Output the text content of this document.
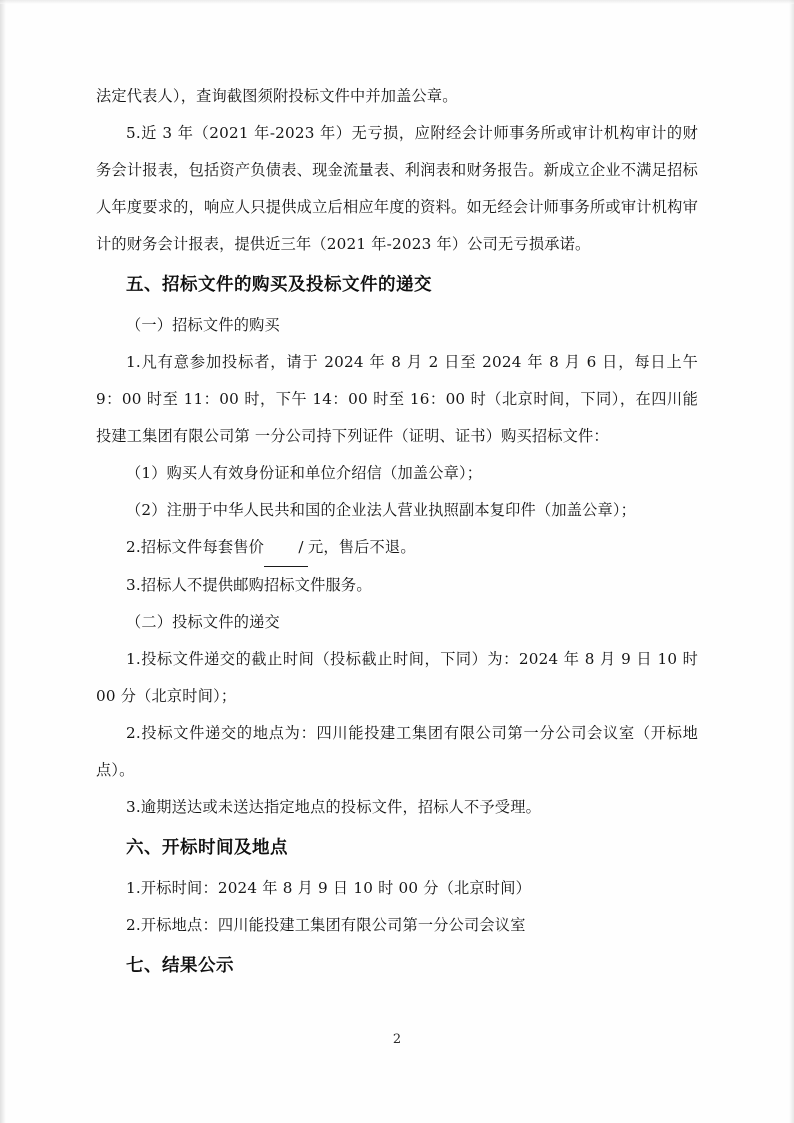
法定代表人），查询截图须附投标文件中并加盖公章。

5.近 3 年（2021 年-2023 年）无亏损，应附经会计师事务所或审计机构审计的财务会计报表，包括资产负债表、现金流量表、利润表和财务报告。新成立企业不满足招标人年度要求的，响应人只提供成立后相应年度的资料。如无经会计师事务所或审计机构审计的财务会计报表，提供近三年（2021 年-2023 年）公司无亏损承诺。

五、招标文件的购买及投标文件的递交

（一）招标文件的购买

1.凡有意参加投标者，请于 2024 年 8 月 2 日至 2024 年 8 月 6 日，每日上午 9：00 时至 11：00 时，下午 14：00 时至 16：00 时（北京时间，下同），在四川能投建工集团有限公司第 一分公司持下列证件（证明、证书）购买招标文件：

（1）购买人有效身份证和单位介绍信（加盖公章）；

（2）注册于中华人民共和国的企业法人营业执照副本复印件（加盖公章）；

2.招标文件每套售价 / 元，售后不退。

3.招标人不提供邮购招标文件服务。

（二）投标文件的递交

1.投标文件递交的截止时间（投标截止时间，下同）为：2024 年 8 月 9 日 10 时 00 分（北京时间）；

2.投标文件递交的地点为：四川能投建工集团有限公司第一分公司会议室（开标地点）。

3.逾期送达或未送达指定地点的投标文件，招标人不予受理。

六、开标时间及地点

1.开标时间：2024 年 8 月 9 日 10 时 00 分（北京时间）

2.开标地点：四川能投建工集团有限公司第一分公司会议室

七、结果公示
2
